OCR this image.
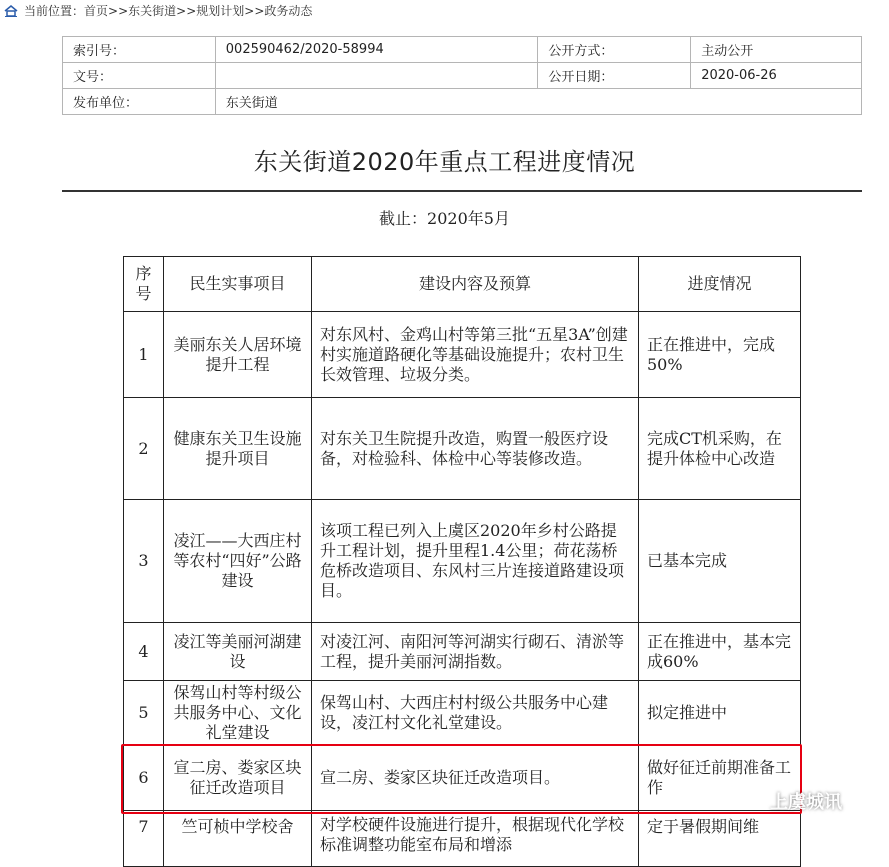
当前位置： 首页 >> 东关街道 >> 规划计划 >> 政务动态
索引号：	002590462/2020-58994	公开方式：	主动公开
文号：		公开日期：	2020-06-26
发布单位：	东关街道		
东关街道2020年重点工程进度情况
截止：2020年5月
序号	民生实事项目	建设内容及预算	进度情况
1	美丽东关人居环境提升工程	对东风村、金鸡山村等第三批“五星3A”创建村实施道路硬化等基础设施提升；农村卫生长效管理、垃圾分类。	正在推进中，完成50%
2	健康东关卫生设施提升项目	对东关卫生院提升改造，购置一般医疗设备，对检验科、体检中心等装修改造。	完成CT机采购，在提升体检中心改造
3	凌江——大西庄村等农村“四好”公路建设	该项工程已列入上虞区2020年乡村公路提升工程计划，提升里程1.4公里；荷花荡桥危桥改造项目、东风村三片连接道路建设项目。	已基本完成
4	凌江等美丽河湖建设	对凌江河、南阳河等河湖实行砌石、清淤等工程，提升美丽河湖指数。	正在推进中，基本完成60%
5	保驾山村等村级公共服务中心、文化礼堂建设	保驾山村、大西庄村村级公共服务中心建设，凌江村文化礼堂建设。	拟定推进中
6	宣二房、娄家区块征迁改造项目	宣二房、娄家区块征迁改造项目。	做好征迁前期准备工作
7	竺可桢中学校舍	对学校硬件设施进行提升，根据现代化学校标准调整功能室布局和增添	定于暑假期间维
上虞城讯
